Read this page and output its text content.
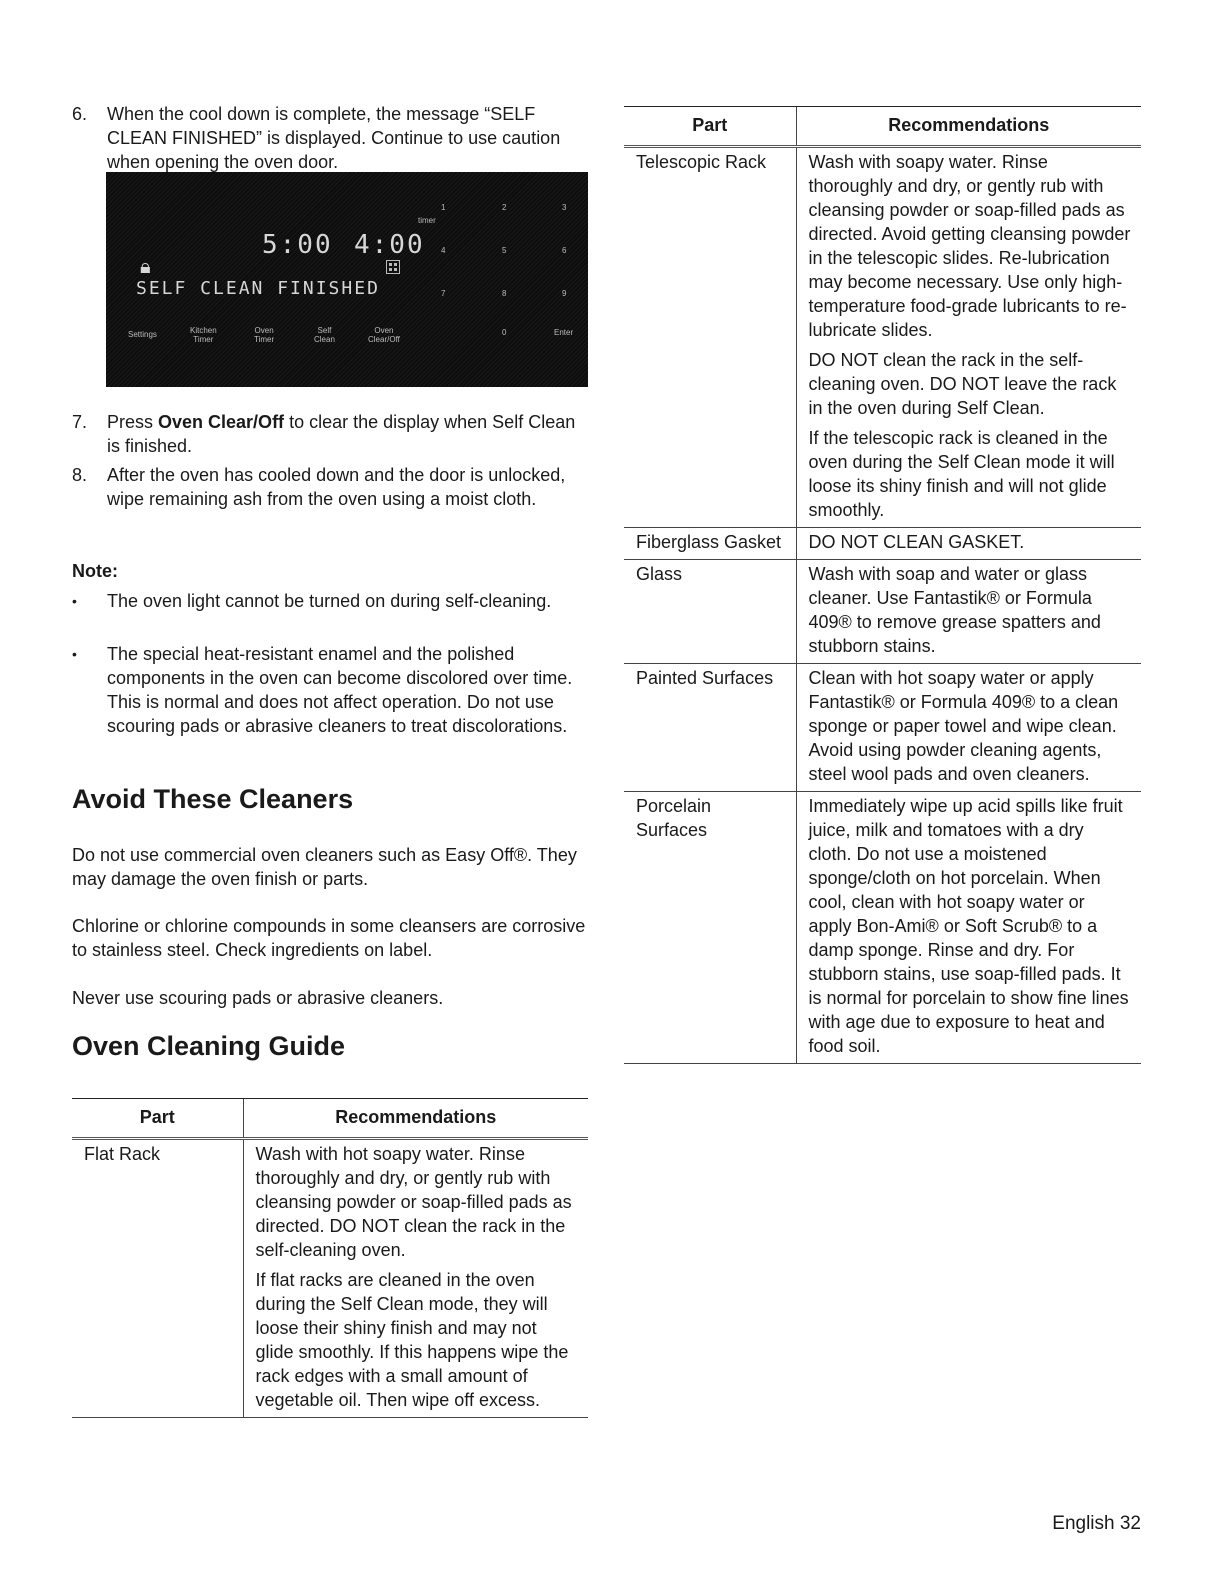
6. When the cool down is complete, the message “SELF CLEAN FINISHED” is displayed. Continue to use caution when opening the oven door.
timer
5:00 4:00
🔒︎
SELF CLEAN FINISHED
1	2	3
4	5	6
7	8	9
0	Enter
Settings	Kitchen
Timer
Oven
Timer
Self
Clean
Oven
Clear/Off
7. Press Oven Clear/Off to clear the display when Self Clean is finished.
8. After the oven has cooled down and the door is unlocked, wipe remaining ash from the oven using a moist cloth.
Note:
• The oven light cannot be turned on during self-cleaning.
• The special heat-resistant enamel and the polished components in the oven can become discolored over time. This is normal and does not affect operation. Do not use scouring pads or abrasive cleaners to treat discolorations.
Avoid These Cleaners

Do not use commercial oven cleaners such as Easy Off®. They may damage the oven finish or parts.

Chlorine or chlorine compounds in some cleansers are corrosive to stainless steel. Check ingredients on label.

Never use scouring pads or abrasive cleaners.

Oven Cleaning Guide
Part	Recommendations
Flat Rack	Wash with hot soapy water. Rinse thoroughly and dry, or gently rub with cleansing powder or soap-filled pads as directed. DO NOT clean the rack in the self-cleaning oven.

If flat racks are cleaned in the oven during the Self Clean mode, they will loose their shiny finish and may not glide smoothly. If this happens wipe the rack edges with a small amount of vegetable oil. Then wipe off excess.

Part	Recommendations
Telescopic Rack	Wash with soapy water. Rinse thoroughly and dry, or gently rub with cleansing powder or soap-filled pads as directed. Avoid getting cleansing powder in the telescopic slides. Re-lubrication may become necessary. Use only high-temperature food-grade lubricants to re-lubricate slides.

DO NOT clean the rack in the self-cleaning oven. DO NOT leave the rack in the oven during Self Clean.

If the telescopic rack is cleaned in the oven during the Self Clean mode it will loose its shiny finish and will not glide smoothly.

Fiberglass Gasket	DO NOT CLEAN GASKET.

Glass	Wash with soap and water or glass cleaner. Use Fantastik® or Formula 409® to remove grease spatters and stubborn stains.

Painted Surfaces	Clean with hot soapy water or apply Fantastik® or Formula 409® to a clean sponge or paper towel and wipe clean. Avoid using powder cleaning agents, steel wool pads and oven cleaners.

Porcelain Surfaces	Immediately wipe up acid spills like fruit juice, milk and tomatoes with a dry cloth. Do not use a moistened sponge/cloth on hot porcelain. When cool, clean with hot soapy water or apply Bon-Ami® or Soft Scrub® to a damp sponge. Rinse and dry. For stubborn stains, use soap-filled pads. It is normal for porcelain to show fine lines with age due to exposure to heat and food soil.

English 32
